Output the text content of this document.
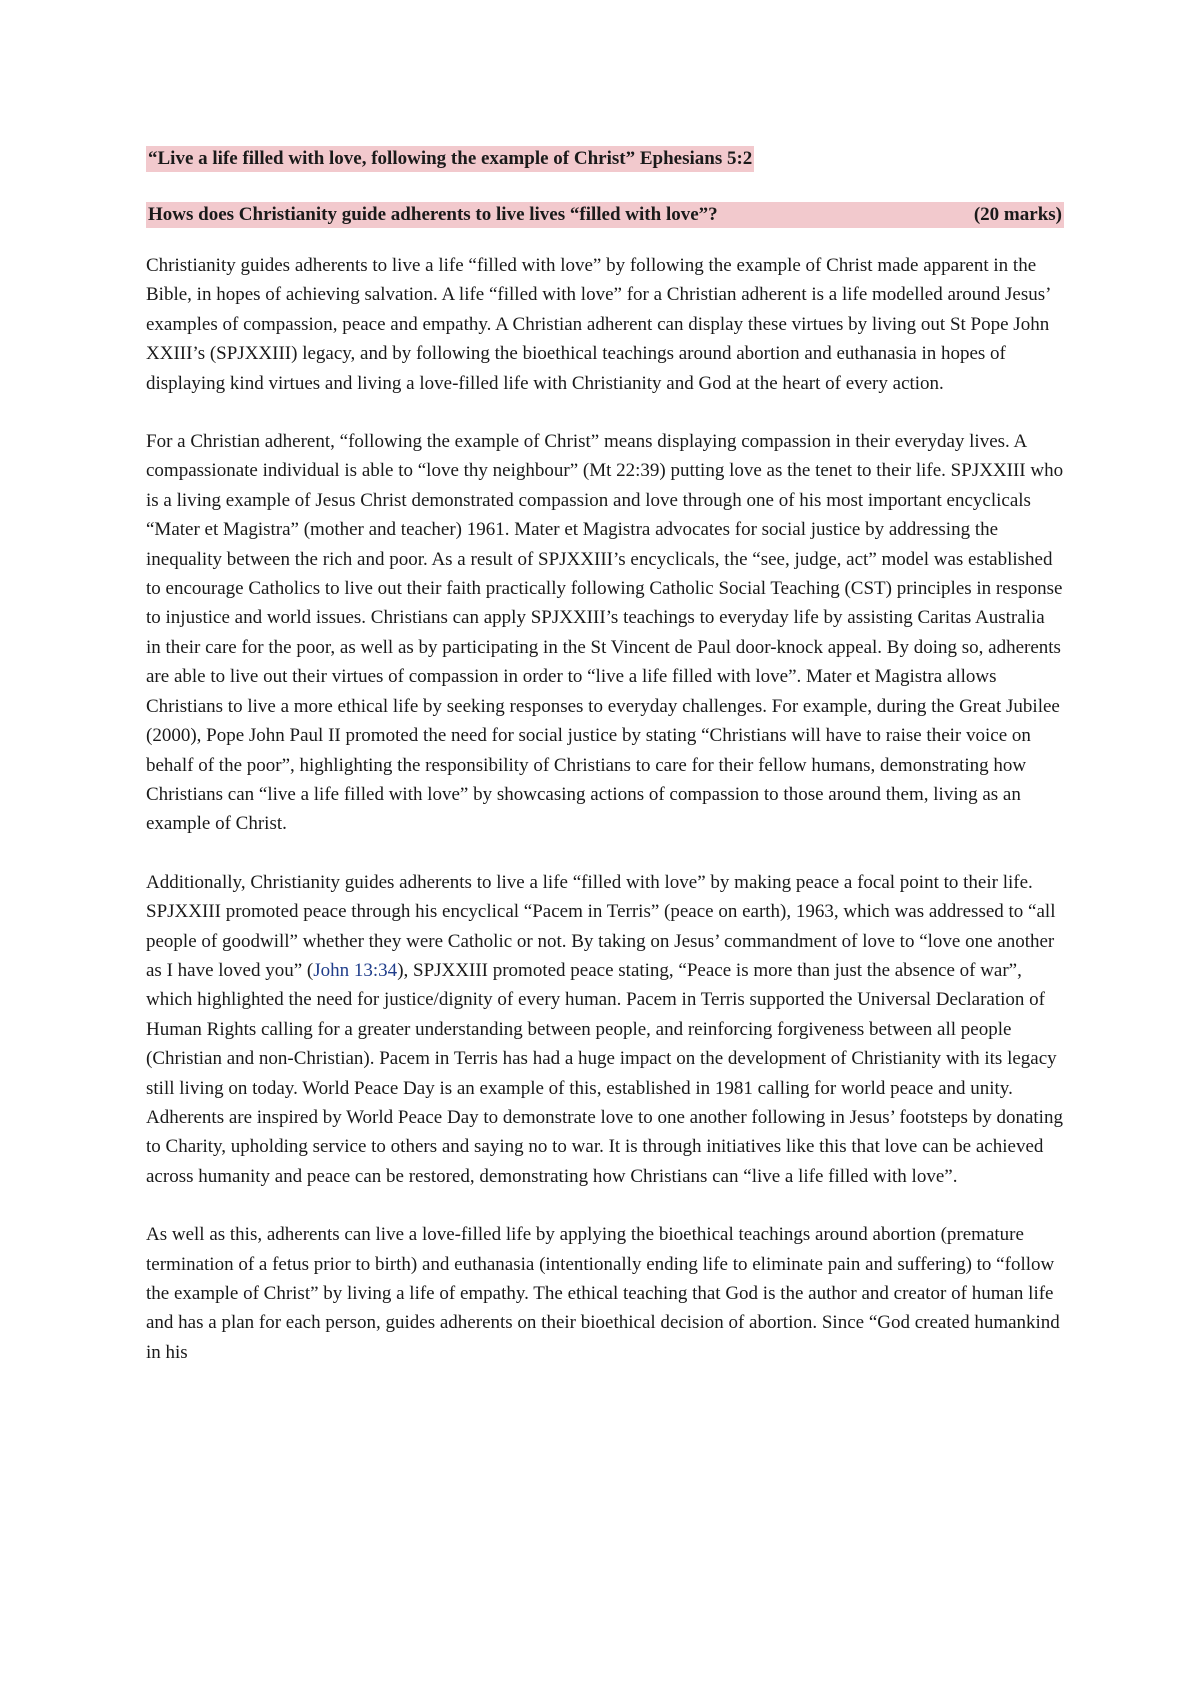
“Live a life filled with love, following the example of Christ” Ephesians 5:2

Hows does Christianity guide adherents to live lives “filled with love”?	(20 marks)

Christianity guides adherents to live a life “filled with love” by following the example of Christ made apparent in the Bible, in hopes of achieving salvation. A life “filled with love” for a Christian adherent is a life modelled around Jesus’ examples of compassion, peace and empathy. A Christian adherent can display these virtues by living out St Pope John XXIII’s (SPJXXIII) legacy, and by following the bioethical teachings around abortion and euthanasia in hopes of displaying kind virtues and living a love-filled life with Christianity and God at the heart of every action.

For a Christian adherent, “following the example of Christ” means displaying compassion in their everyday lives. A compassionate individual is able to “love thy neighbour” (Mt 22:39) putting love as the tenet to their life. SPJXXIII who is a living example of Jesus Christ demonstrated compassion and love through one of his most important encyclicals “Mater et Magistra” (mother and teacher) 1961. Mater et Magistra advocates for social justice by addressing the inequality between the rich and poor. As a result of SPJXXIII’s encyclicals, the “see, judge, act” model was established to encourage Catholics to live out their faith practically following Catholic Social Teaching (CST) principles in response to injustice and world issues. Christians can apply SPJXXIII’s teachings to everyday life by assisting Caritas Australia in their care for the poor, as well as by participating in the St Vincent de Paul door-knock appeal. By doing so, adherents are able to live out their virtues of compassion in order to “live a life filled with love”. Mater et Magistra allows Christians to live a more ethical life by seeking responses to everyday challenges. For example, during the Great Jubilee (2000), Pope John Paul II promoted the need for social justice by stating “Christians will have to raise their voice on behalf of the poor”, highlighting the responsibility of Christians to care for their fellow humans, demonstrating how Christians can “live a life filled with love” by showcasing actions of compassion to those around them, living as an example of Christ.

Additionally, Christianity guides adherents to live a life “filled with love” by making peace a focal point to their life. SPJXXIII promoted peace through his encyclical “Pacem in Terris” (peace on earth), 1963, which was addressed to “all people of goodwill” whether they were Catholic or not. By taking on Jesus’ commandment of love to “love one another as I have loved you” (John 13:34), SPJXXIII promoted peace stating, “Peace is more than just the absence of war”, which highlighted the need for justice/dignity of every human. Pacem in Terris supported the Universal Declaration of Human Rights calling for a greater understanding between people, and reinforcing forgiveness between all people (Christian and non-Christian). Pacem in Terris has had a huge impact on the development of Christianity with its legacy still living on today. World Peace Day is an example of this, established in 1981 calling for world peace and unity. Adherents are inspired by World Peace Day to demonstrate love to one another following in Jesus’ footsteps by donating to Charity, upholding service to others and saying no to war. It is through initiatives like this that love can be achieved across humanity and peace can be restored, demonstrating how Christians can “live a life filled with love”.

As well as this, adherents can live a love-filled life by applying the bioethical teachings around abortion (premature termination of a fetus prior to birth) and euthanasia (intentionally ending life to eliminate pain and suffering) to “follow the example of Christ” by living a life of empathy. The ethical teaching that God is the author and creator of human life and has a plan for each person, guides adherents on their bioethical decision of abortion. Since “God created humankind in his
